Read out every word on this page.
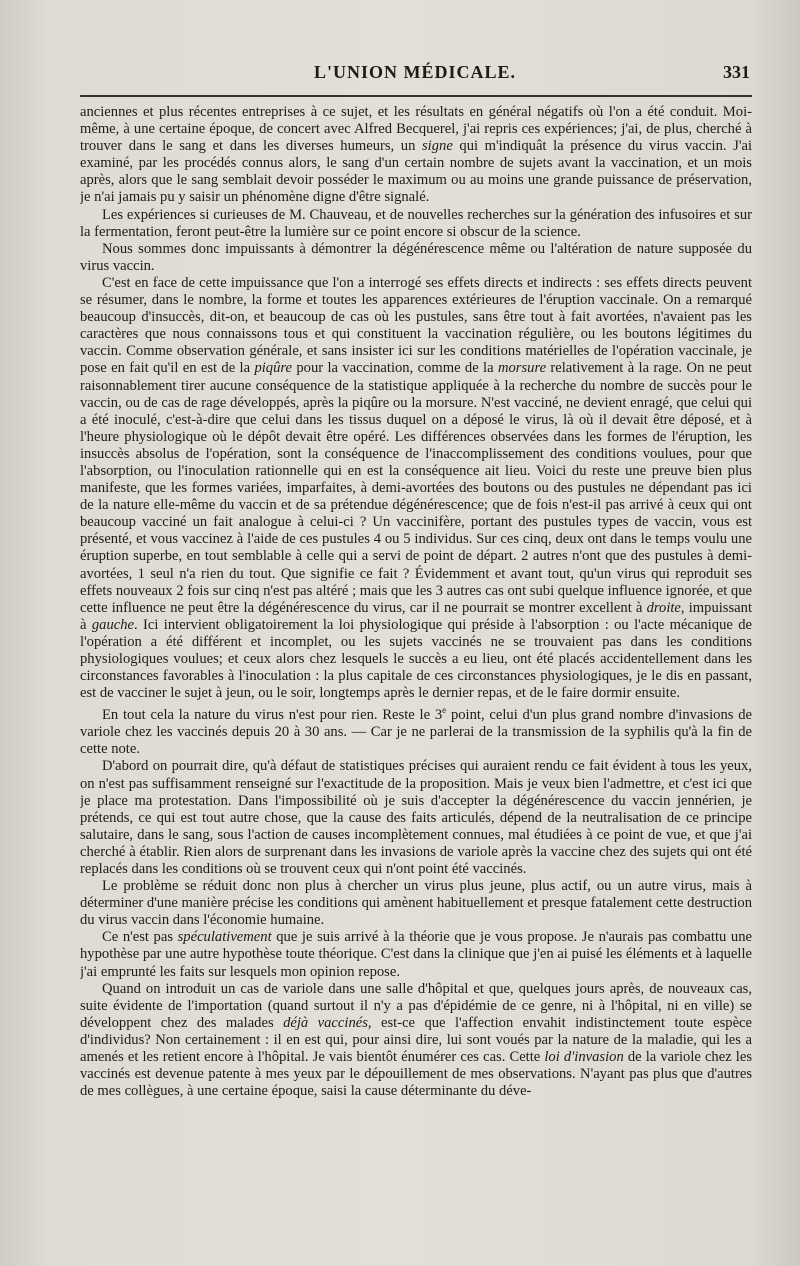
L'UNION MÉDICALE.	331

anciennes et plus récentes entreprises à ce sujet, et les résultats en général négatifs où l'on a été conduit. Moi-même, à une certaine époque, de concert avec Alfred Becquerel, j'ai repris ces expériences; j'ai, de plus, cherché à trouver dans le sang et dans les diverses humeurs, un signe qui m'indiquât la présence du virus vaccin. J'ai examiné, par les procédés connus alors, le sang d'un certain nombre de sujets avant la vaccination, et un mois après, alors que le sang semblait devoir posséder le maximum ou au moins une grande puissance de préservation, je n'ai jamais pu y saisir un phénomène digne d'être signalé.

Les expériences si curieuses de M. Chauveau, et de nouvelles recherches sur la génération des infusoires et sur la fermentation, feront peut-être la lumière sur ce point encore si obscur de la science.

Nous sommes donc impuissants à démontrer la dégénérescence même ou l'altération de nature supposée du virus vaccin.

C'est en face de cette impuissance que l'on a interrogé ses effets directs et indirects : ses effets directs peuvent se résumer, dans le nombre, la forme et toutes les apparences extérieures de l'éruption vaccinale. On a remarqué beaucoup d'insuccès, dit-on, et beaucoup de cas où les pustules, sans être tout à fait avortées, n'avaient pas les caractères que nous connaissons tous et qui constituent la vaccination régulière, ou les boutons légitimes du vaccin. Comme observation générale, et sans insister ici sur les conditions matérielles de l'opération vaccinale, je pose en fait qu'il en est de la piqûre pour la vaccination, comme de la morsure relativement à la rage. On ne peut raisonnablement tirer aucune conséquence de la statistique appliquée à la recherche du nombre de succès pour le vaccin, ou de cas de rage développés, après la piqûre ou la morsure. N'est vacciné, ne devient enragé, que celui qui a été inoculé, c'est-à-dire que celui dans les tissus duquel on a déposé le virus, là où il devait être déposé, et à l'heure physiologique où le dépôt devait être opéré. Les différences observées dans les formes de l'éruption, les insuccès absolus de l'opération, sont la conséquence de l'inaccomplissement des conditions voulues, pour que l'absorption, ou l'inoculation rationnelle qui en est la conséquence ait lieu. Voici du reste une preuve bien plus manifeste, que les formes variées, imparfaites, à demi-avortées des boutons ou des pustules ne dépendant pas ici de la nature elle-même du vaccin et de sa prétendue dégénérescence; que de fois n'est-il pas arrivé à ceux qui ont beaucoup vacciné un fait analogue à celui-ci ? Un vaccinifère, portant des pustules types de vaccin, vous est présenté, et vous vaccinez à l'aide de ces pustules 4 ou 5 individus. Sur ces cinq, deux ont dans le temps voulu une éruption superbe, en tout semblable à celle qui a servi de point de départ. 2 autres n'ont que des pustules à demi-avortées, 1 seul n'a rien du tout. Que signifie ce fait ? Évidemment et avant tout, qu'un virus qui reproduit ses effets nouveaux 2 fois sur cinq n'est pas altéré ; mais que les 3 autres cas ont subi quelque influence ignorée, et que cette influence ne peut être la dégénérescence du virus, car il ne pourrait se montrer excellent à droite, impuissant à gauche. Ici intervient obligatoirement la loi physiologique qui préside à l'absorption : ou l'acte mécanique de l'opération a été différent et incomplet, ou les sujets vaccinés ne se trouvaient pas dans les conditions physiologiques voulues; et ceux alors chez lesquels le succès a eu lieu, ont été placés accidentellement dans les circonstances favorables à l'inoculation : la plus capitale de ces circonstances physiologiques, je le dis en passant, est de vacciner le sujet à jeun, ou le soir, longtemps après le dernier repas, et de le faire dormir ensuite.

En tout cela la nature du virus n'est pour rien. Reste le 3e point, celui d'un plus grand nombre d'invasions de variole chez les vaccinés depuis 20 à 30 ans. — Car je ne parlerai de la transmission de la syphilis qu'à la fin de cette note.

D'abord on pourrait dire, qu'à défaut de statistiques précises qui auraient rendu ce fait évident à tous les yeux, on n'est pas suffisamment renseigné sur l'exactitude de la proposition. Mais je veux bien l'admettre, et c'est ici que je place ma protestation. Dans l'impossibilité où je suis d'accepter la dégénérescence du vaccin jennérien, je prétends, ce qui est tout autre chose, que la cause des faits articulés, dépend de la neutralisation de ce principe salutaire, dans le sang, sous l'action de causes incomplètement connues, mal étudiées à ce point de vue, et que j'ai cherché à établir. Rien alors de surprenant dans les invasions de variole après la vaccine chez des sujets qui ont été replacés dans les conditions où se trouvent ceux qui n'ont point été vaccinés.

Le problème se réduit donc non plus à chercher un virus plus jeune, plus actif, ou un autre virus, mais à déterminer d'une manière précise les conditions qui amènent habituellement et presque fatalement cette destruction du virus vaccin dans l'économie humaine.

Ce n'est pas spéculativement que je suis arrivé à la théorie que je vous propose. Je n'aurais pas combattu une hypothèse par une autre hypothèse toute théorique. C'est dans la clinique que j'en ai puisé les éléments et à laquelle j'ai emprunté les faits sur lesquels mon opinion repose.

Quand on introduit un cas de variole dans une salle d'hôpital et que, quelques jours après, de nouveaux cas, suite évidente de l'importation (quand surtout il n'y a pas d'épidémie de ce genre, ni à l'hôpital, ni en ville) se développent chez des malades déjà vaccinés, est-ce que l'affection envahit indistinctement toute espèce d'individus? Non certainement : il en est qui, pour ainsi dire, lui sont voués par la nature de la maladie, qui les a amenés et les retient encore à l'hôpital. Je vais bientôt énumérer ces cas. Cette loi d'invasion de la variole chez les vaccinés est devenue patente à mes yeux par le dépouillement de mes observations. N'ayant pas plus que d'autres de mes collègues, à une certaine époque, saisi la cause déterminante du déve-
